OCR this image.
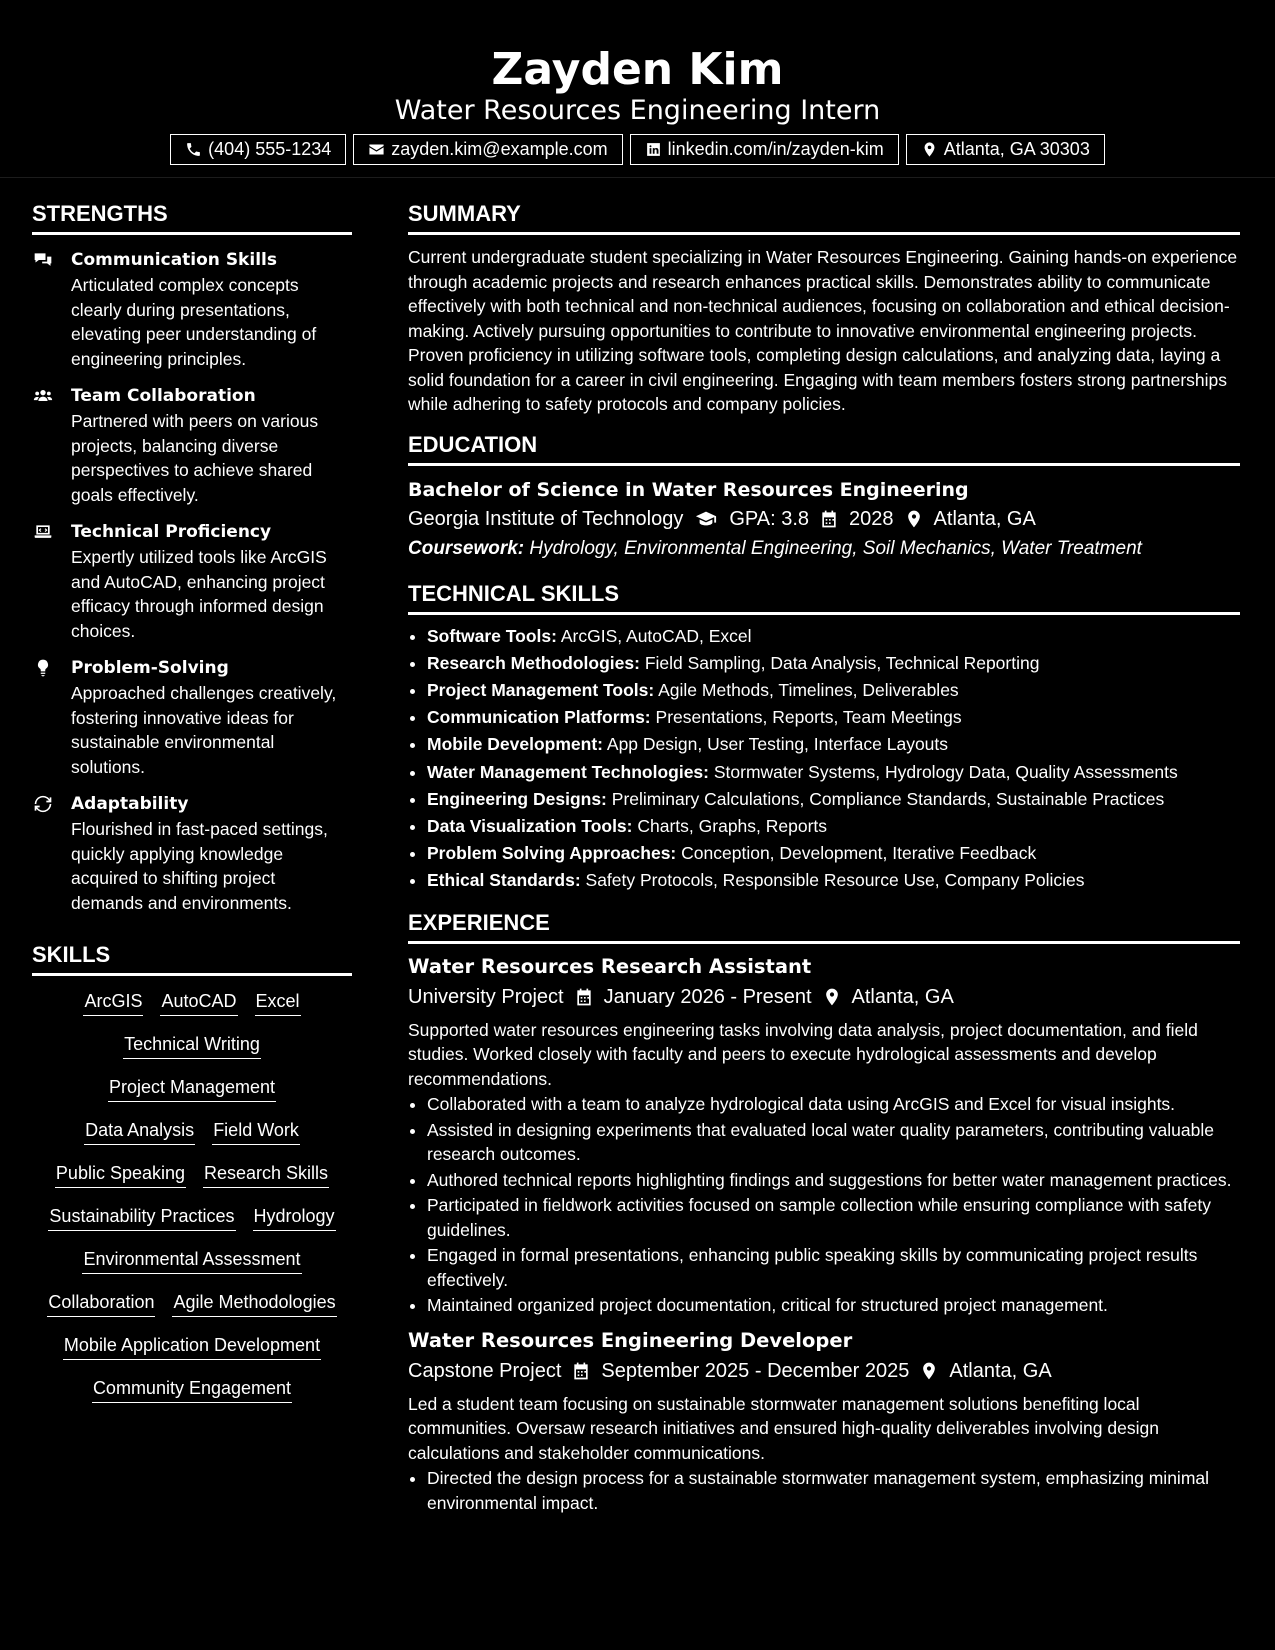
Zayden Kim
Water Resources Engineering Intern
(404) 555-1234	zayden.kim@example.com	linkedin.com/in/zayden-kim	Atlanta, GA 30303
STRENGTHS
Communication Skills
Articulated complex concepts clearly during presentations, elevating peer understanding of engineering principles.
Team Collaboration
Partnered with peers on various projects, balancing diverse perspectives to achieve shared goals effectively.
Technical Proficiency
Expertly utilized tools like ArcGIS and AutoCAD, enhancing project efficacy through informed design choices.
Problem-Solving
Approached challenges creatively, fostering innovative ideas for sustainable environmental solutions.
Adaptability
Flourished in fast-paced settings, quickly applying knowledge acquired to shifting project demands and environments.
SKILLS
ArcGIS AutoCAD Excel
Technical Writing
Project Management
Data Analysis Field Work
Public Speaking Research Skills
Sustainability Practices Hydrology
Environmental Assessment
Collaboration Agile Methodologies
Mobile Application Development
Community Engagement
SUMMARY
Current undergraduate student specializing in Water Resources Engineering. Gaining hands-on experience through academic projects and research enhances practical skills. Demonstrates ability to communicate effectively with both technical and non-technical audiences, focusing on collaboration and ethical decision-making. Actively pursuing opportunities to contribute to innovative environmental engineering projects. Proven proficiency in utilizing software tools, completing design calculations, and analyzing data, laying a solid foundation for a career in civil engineering. Engaging with team members fosters strong partnerships while adhering to safety protocols and company policies.
EDUCATION
Bachelor of Science in Water Resources Engineering
Georgia Institute of Technology GPA: 3.8 2028 Atlanta, GA
Coursework: Hydrology, Environmental Engineering, Soil Mechanics, Water Treatment
TECHNICAL SKILLS
• Software Tools: ArcGIS, AutoCAD, Excel
• Research Methodologies: Field Sampling, Data Analysis, Technical Reporting
• Project Management Tools: Agile Methods, Timelines, Deliverables
• Communication Platforms: Presentations, Reports, Team Meetings
• Mobile Development: App Design, User Testing, Interface Layouts
• Water Management Technologies: Stormwater Systems, Hydrology Data, Quality Assessments
• Engineering Designs: Preliminary Calculations, Compliance Standards, Sustainable Practices
• Data Visualization Tools: Charts, Graphs, Reports
• Problem Solving Approaches: Conception, Development, Iterative Feedback
• Ethical Standards: Safety Protocols, Responsible Resource Use, Company Policies
EXPERIENCE
Water Resources Research Assistant
University Project January 2026 - Present Atlanta, GA
Supported water resources engineering tasks involving data analysis, project documentation, and field studies. Worked closely with faculty and peers to execute hydrological assessments and develop recommendations.
• Collaborated with a team to analyze hydrological data using ArcGIS and Excel for visual insights.
• Assisted in designing experiments that evaluated local water quality parameters, contributing valuable research outcomes.
• Authored technical reports highlighting findings and suggestions for better water management practices.
• Participated in fieldwork activities focused on sample collection while ensuring compliance with safety guidelines.
• Engaged in formal presentations, enhancing public speaking skills by communicating project results effectively.
• Maintained organized project documentation, critical for structured project management.
Water Resources Engineering Developer
Capstone Project September 2025 - December 2025 Atlanta, GA
Led a student team focusing on sustainable stormwater management solutions benefiting local communities. Oversaw research initiatives and ensured high-quality deliverables involving design calculations and stakeholder communications.
• Directed the design process for a sustainable stormwater management system, emphasizing minimal environmental impact.
